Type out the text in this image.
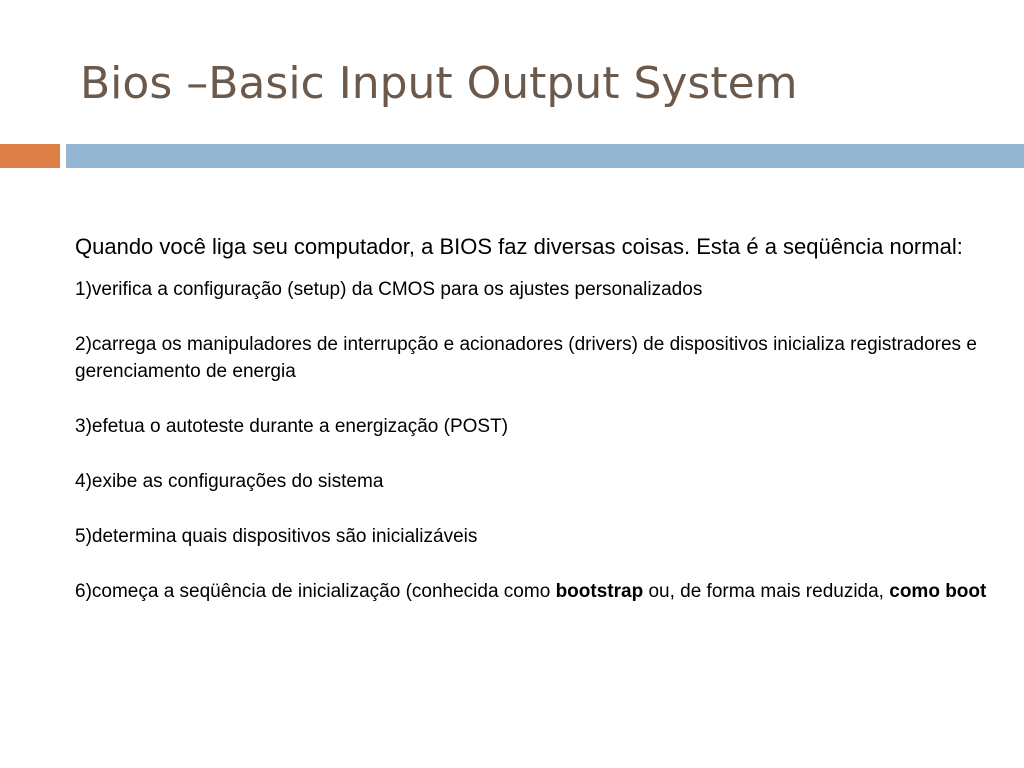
Bios –Basic Input Output System

Quando você liga seu computador, a BIOS faz diversas coisas. Esta é a seqüência normal:

1)verifica a configuração (setup) da CMOS para os ajustes personalizados
2)carrega os manipuladores de interrupção e acionadores (drivers) de dispositivos inicializa registradores e gerenciamento de energia
3)efetua o autoteste durante a energização (POST)
4)exibe as configurações do sistema
5)determina quais dispositivos são inicializáveis
6)começa a seqüência de inicialização (conhecida como bootstrap ou, de forma mais reduzida, como boot
